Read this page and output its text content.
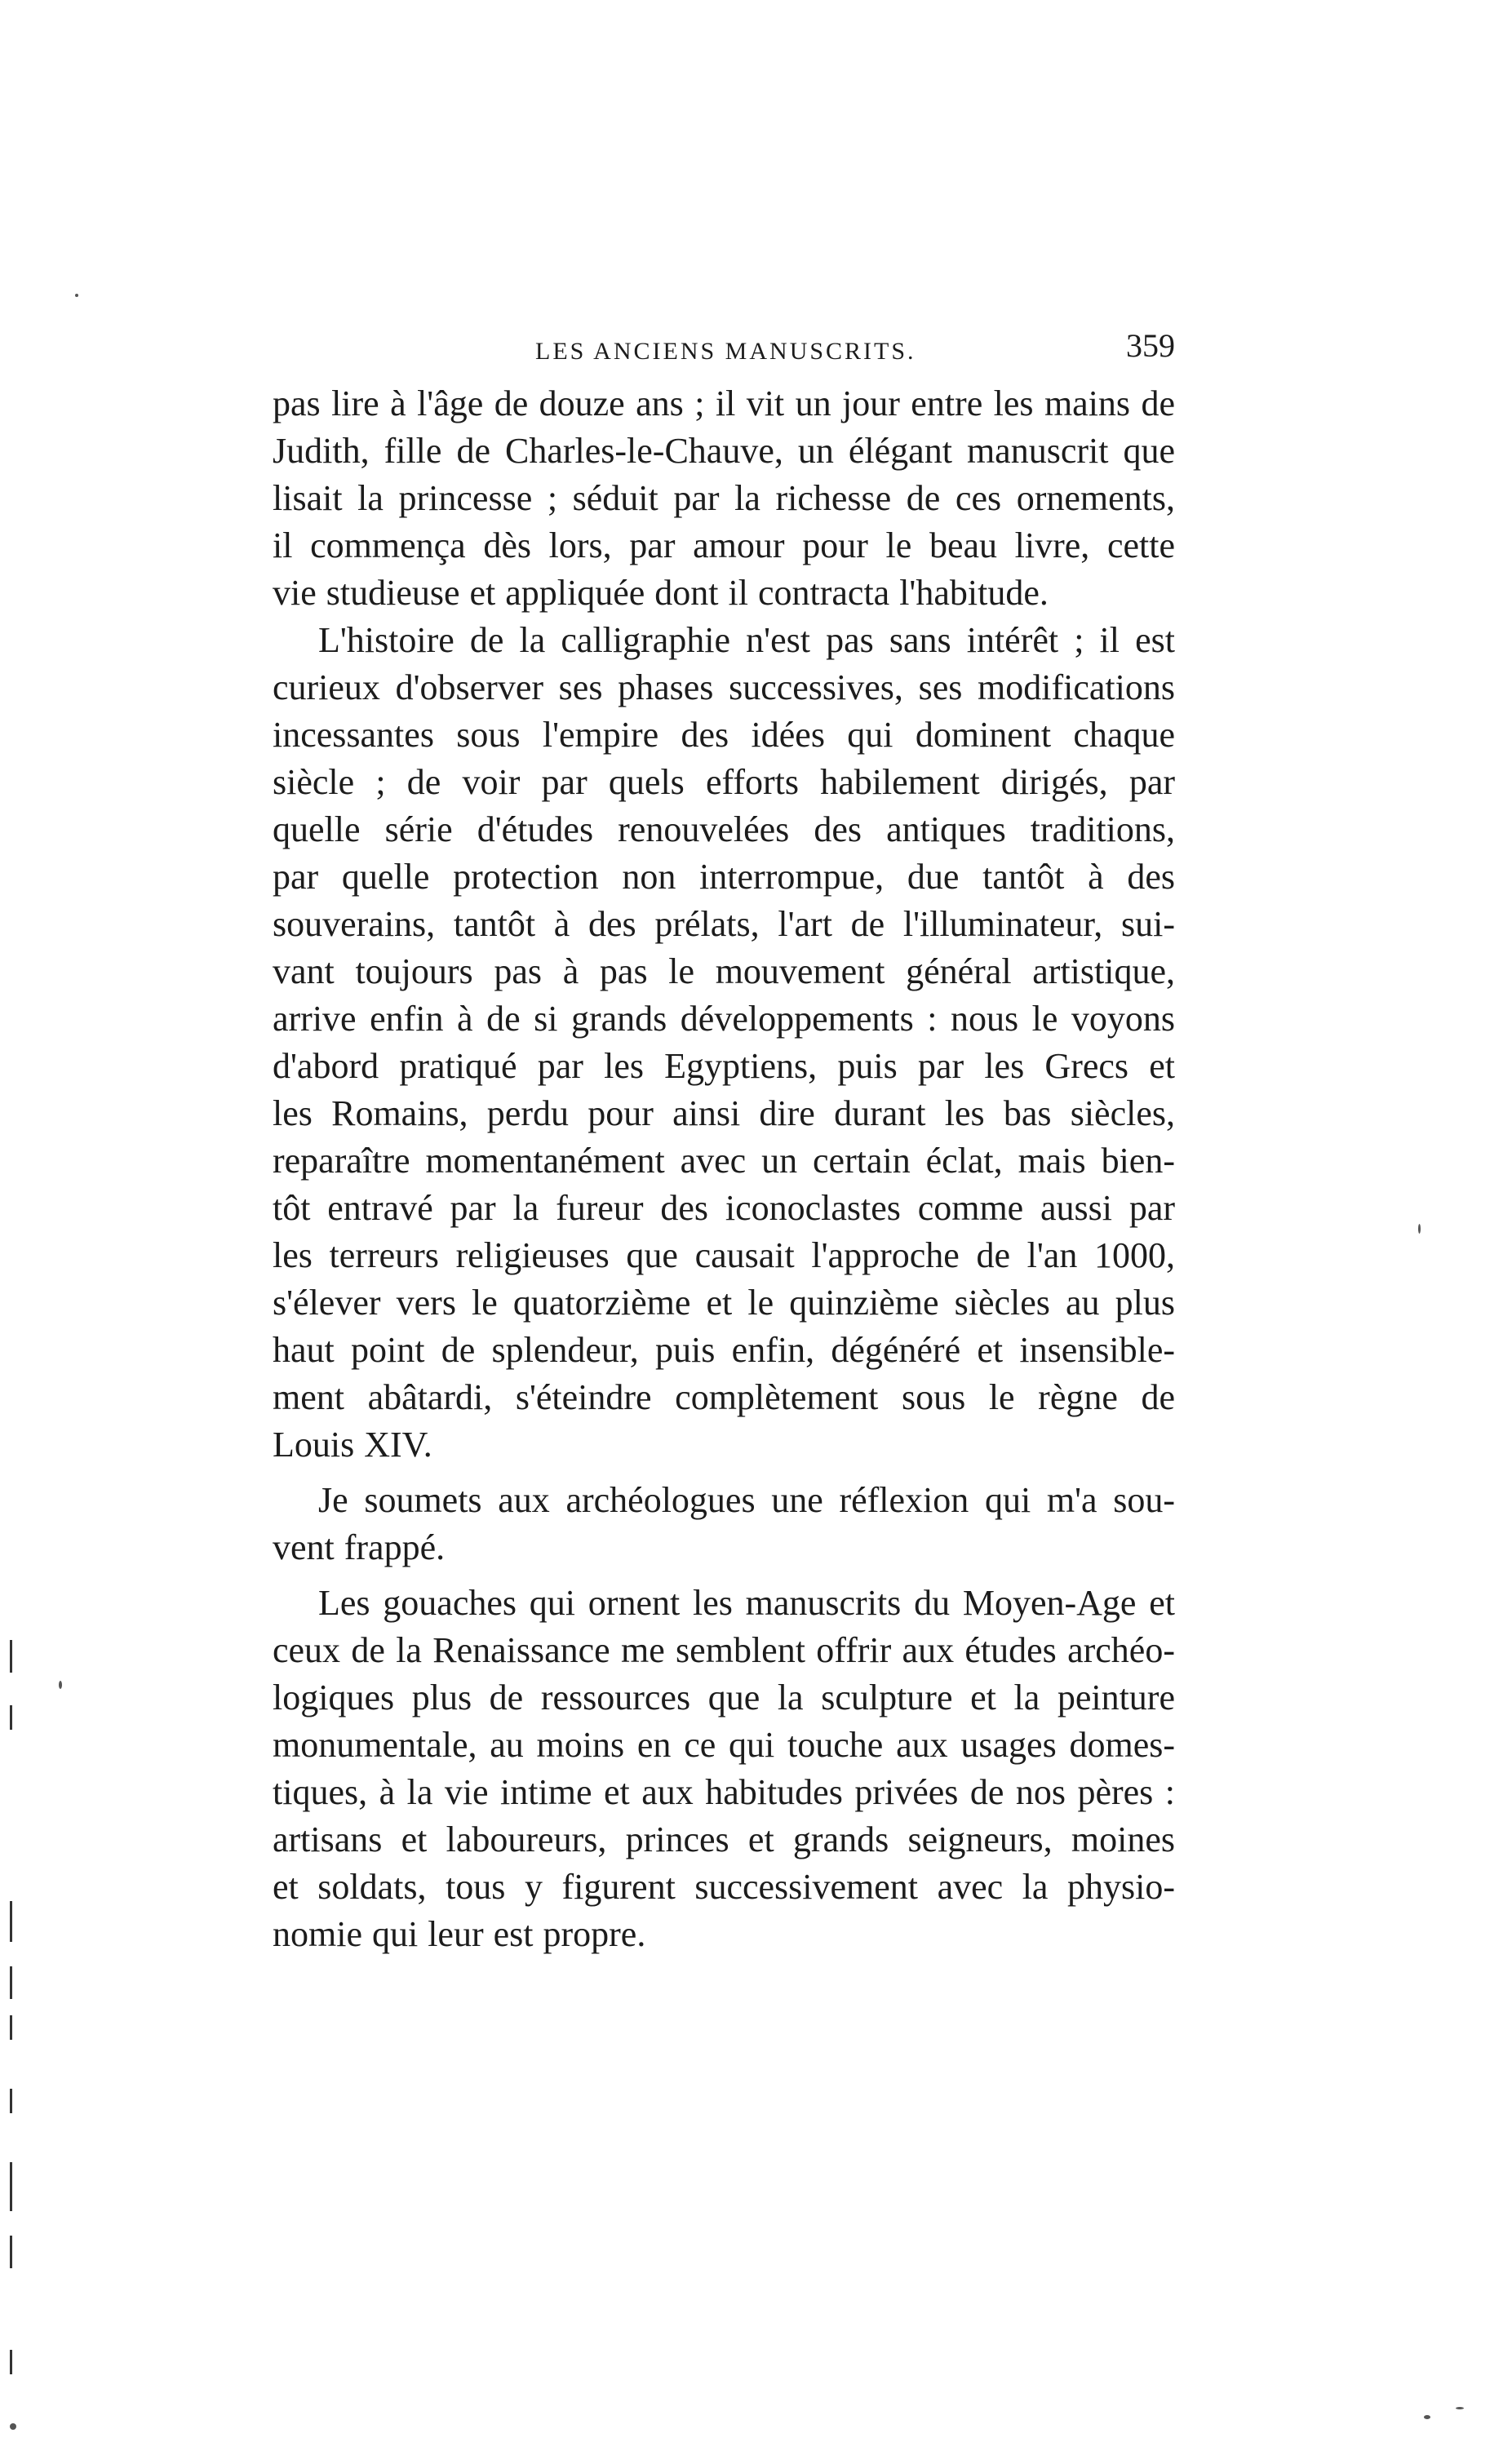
LES ANCIENS MANUSCRITS.	359
pas lire à l'âge de douze ans ; il vit un jour entre les mains de
Judith, fille de Charles-le-Chauve, un élégant manuscrit que
lisait la princesse ; séduit par la richesse de ces ornements,
il commença dès lors, par amour pour le beau livre, cette
vie studieuse et appliquée dont il contracta l'habitude.
L'histoire de la calligraphie n'est pas sans intérêt ; il est
curieux d'observer ses phases successives, ses modifications
incessantes sous l'empire des idées qui dominent chaque
siècle ; de voir par quels efforts habilement dirigés, par
quelle série d'études renouvelées des antiques traditions,
par quelle protection non interrompue, due tantôt à des
souverains, tantôt à des prélats, l'art de l'illuminateur, sui-
vant toujours pas à pas le mouvement général artistique,
arrive enfin à de si grands développements : nous le voyons
d'abord pratiqué par les Egyptiens, puis par les Grecs et
les Romains, perdu pour ainsi dire durant les bas siècles,
reparaître momentanément avec un certain éclat, mais bien-
tôt entravé par la fureur des iconoclastes comme aussi par
les terreurs religieuses que causait l'approche de l'an 1000,
s'élever vers le quatorzième et le quinzième siècles au plus
haut point de splendeur, puis enfin, dégénéré et insensible-
ment abâtardi, s'éteindre complètement sous le règne de
Louis XIV.
Je soumets aux archéologues une réflexion qui m'a sou-
vent frappé.
Les gouaches qui ornent les manuscrits du Moyen-Age et
ceux de la Renaissance me semblent offrir aux études archéo-
logiques plus de ressources que la sculpture et la peinture
monumentale, au moins en ce qui touche aux usages domes-
tiques, à la vie intime et aux habitudes privées de nos pères :
artisans et laboureurs, princes et grands seigneurs, moines
et soldats, tous y figurent successivement avec la physio-
nomie qui leur est propre.
